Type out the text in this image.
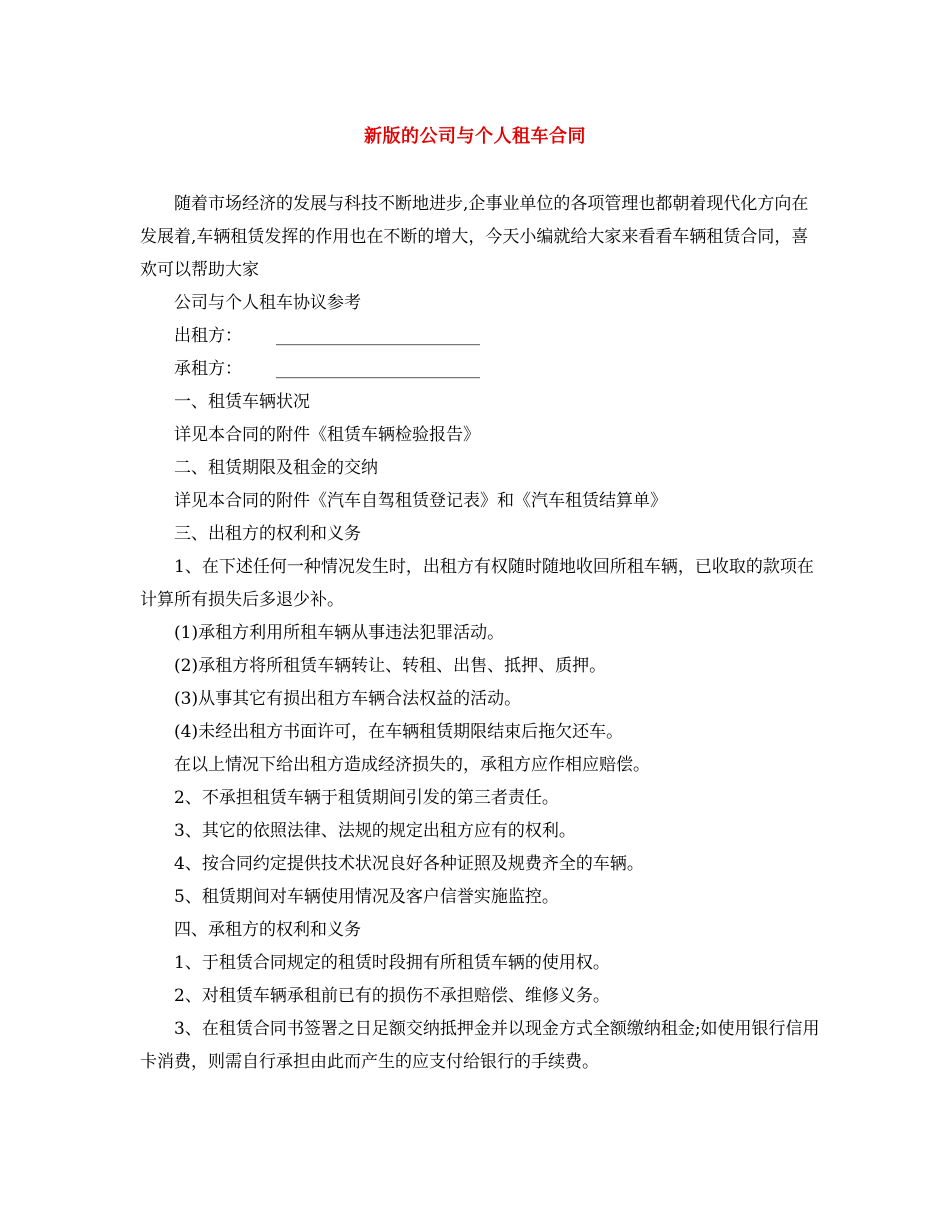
新版的公司与个人租车合同

随着市场经济的发展与科技不断地进步,企事业单位的各项管理也都朝着现代化方向在发展着,车辆租赁发挥的作用也在不断的增大，今天小编就给大家来看看车辆租赁合同，喜欢可以帮助大家

公司与个人租车协议参考

出租方： ________________________

承租方： ________________________

一、租赁车辆状况

详见本合同的附件《租赁车辆检验报告》

二、租赁期限及租金的交纳

详见本合同的附件《汽车自驾租赁登记表》和《汽车租赁结算单》

三、出租方的权利和义务

1、在下述任何一种情况发生时，出租方有权随时随地收回所租车辆，已收取的款项在计算所有损失后多退少补。

(1)承租方利用所租车辆从事违法犯罪活动。

(2)承租方将所租赁车辆转让、转租、出售、抵押、质押。

(3)从事其它有损出租方车辆合法权益的活动。

(4)未经出租方书面许可，在车辆租赁期限结束后拖欠还车。

在以上情况下给出租方造成经济损失的，承租方应作相应赔偿。

2、不承担租赁车辆于租赁期间引发的第三者责任。

3、其它的依照法律、法规的规定出租方应有的权利。

4、按合同约定提供技术状况良好各种证照及规费齐全的车辆。

5、租赁期间对车辆使用情况及客户信誉实施监控。

四、承租方的权利和义务

1、于租赁合同规定的租赁时段拥有所租赁车辆的使用权。

2、对租赁车辆承租前已有的损伤不承担赔偿、维修义务。

3、在租赁合同书签署之日足额交纳抵押金并以现金方式全额缴纳租金;如使用银行信用卡消费，则需自行承担由此而产生的应支付给银行的手续费。
